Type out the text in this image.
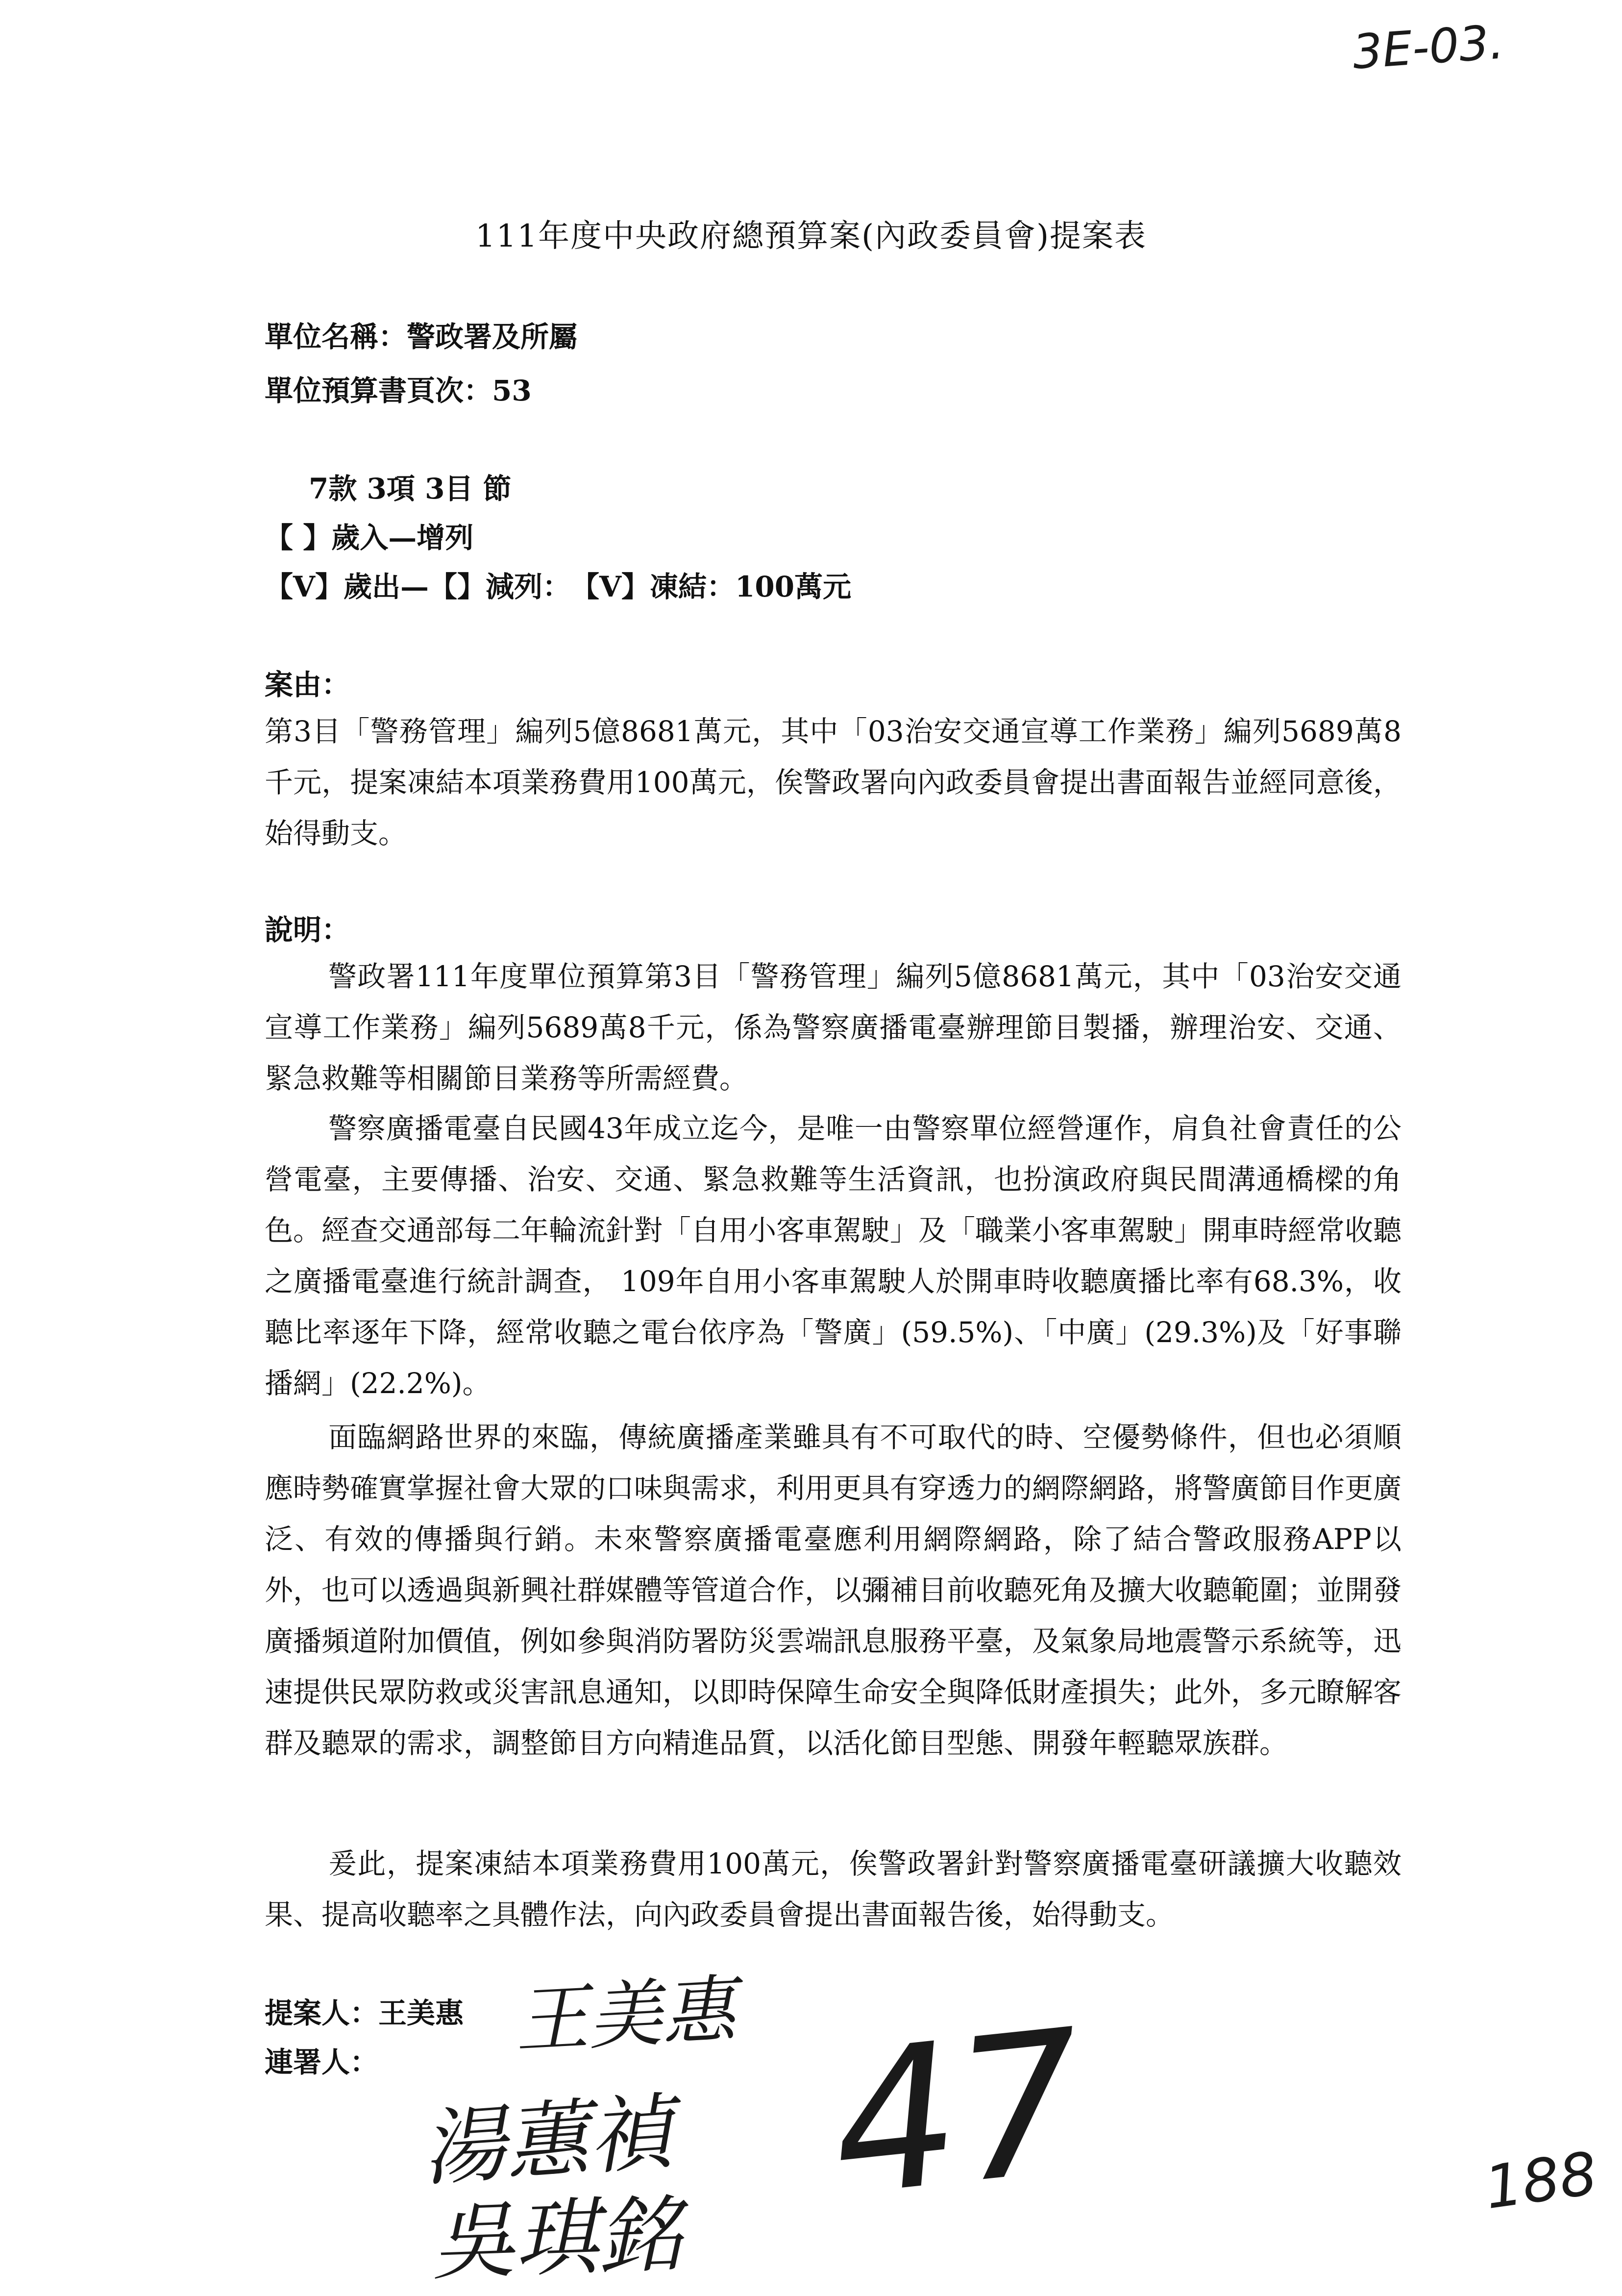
3E-03.
111年度中央政府總預算案(內政委員會)提案表
單位名稱：警政署及所屬
單位預算書頁次：53
7款 3項 3目 節
【 】歲入—增列
【V】歲出—【】減列：　【V】凍結：100萬元
案由：

第3目「警務管理」編列5億8681萬元，其中「03治安交通宣導工作業務」編列5689萬8千元，提案凍結本項業務費用100萬元，俟警政署向內政委員會提出書面報告並經同意後，始得動支。

說明：

警政署111年度單位預算第3目「警務管理」編列5億8681萬元，其中「03治安交通宣導工作業務」編列5689萬8千元，係為警察廣播電臺辦理節目製播，辦理治安、交通、緊急救難等相關節目業務等所需經費。

警察廣播電臺自民國43年成立迄今，是唯一由警察單位經營運作，肩負社會責任的公營電臺，主要傳播、治安、交通、緊急救難等生活資訊，也扮演政府與民間溝通橋樑的角色。經查交通部每二年輪流針對「自用小客車駕駛」及「職業小客車駕駛」開車時經常收聽之廣播電臺進行統計調查， 109年自用小客車駕駛人於開車時收聽廣播比率有68.3%，收聽比率逐年下降，經常收聽之電台依序為「警廣」(59.5%)、「中廣」(29.3%)及「好事聯播網」(22.2%)。

面臨網路世界的來臨，傳統廣播產業雖具有不可取代的時、空優勢條件，但也必須順應時勢確實掌握社會大眾的口味與需求，利用更具有穿透力的網際網路，將警廣節目作更廣泛、有效的傳播與行銷。未來警察廣播電臺應利用網際網路，除了結合警政服務APP以外，也可以透過與新興社群媒體等管道合作，以彌補目前收聽死角及擴大收聽範圍；並開發廣播頻道附加價值，例如參與消防署防災雲端訊息服務平臺，及氣象局地震警示系統等，迅速提供民眾防救或災害訊息通知，以即時保障生命安全與降低財產損失；此外，多元瞭解客群及聽眾的需求，調整節目方向精進品質，以活化節目型態、開發年輕聽眾族群。

爰此，提案凍結本項業務費用100萬元，俟警政署針對警察廣播電臺研議擴大收聽效果、提高收聽率之具體作法，向內政委員會提出書面報告後，始得動支。

提案人：王美惠
連署人： 王美惠
湯蕙禎
吳琪銘 47	188
